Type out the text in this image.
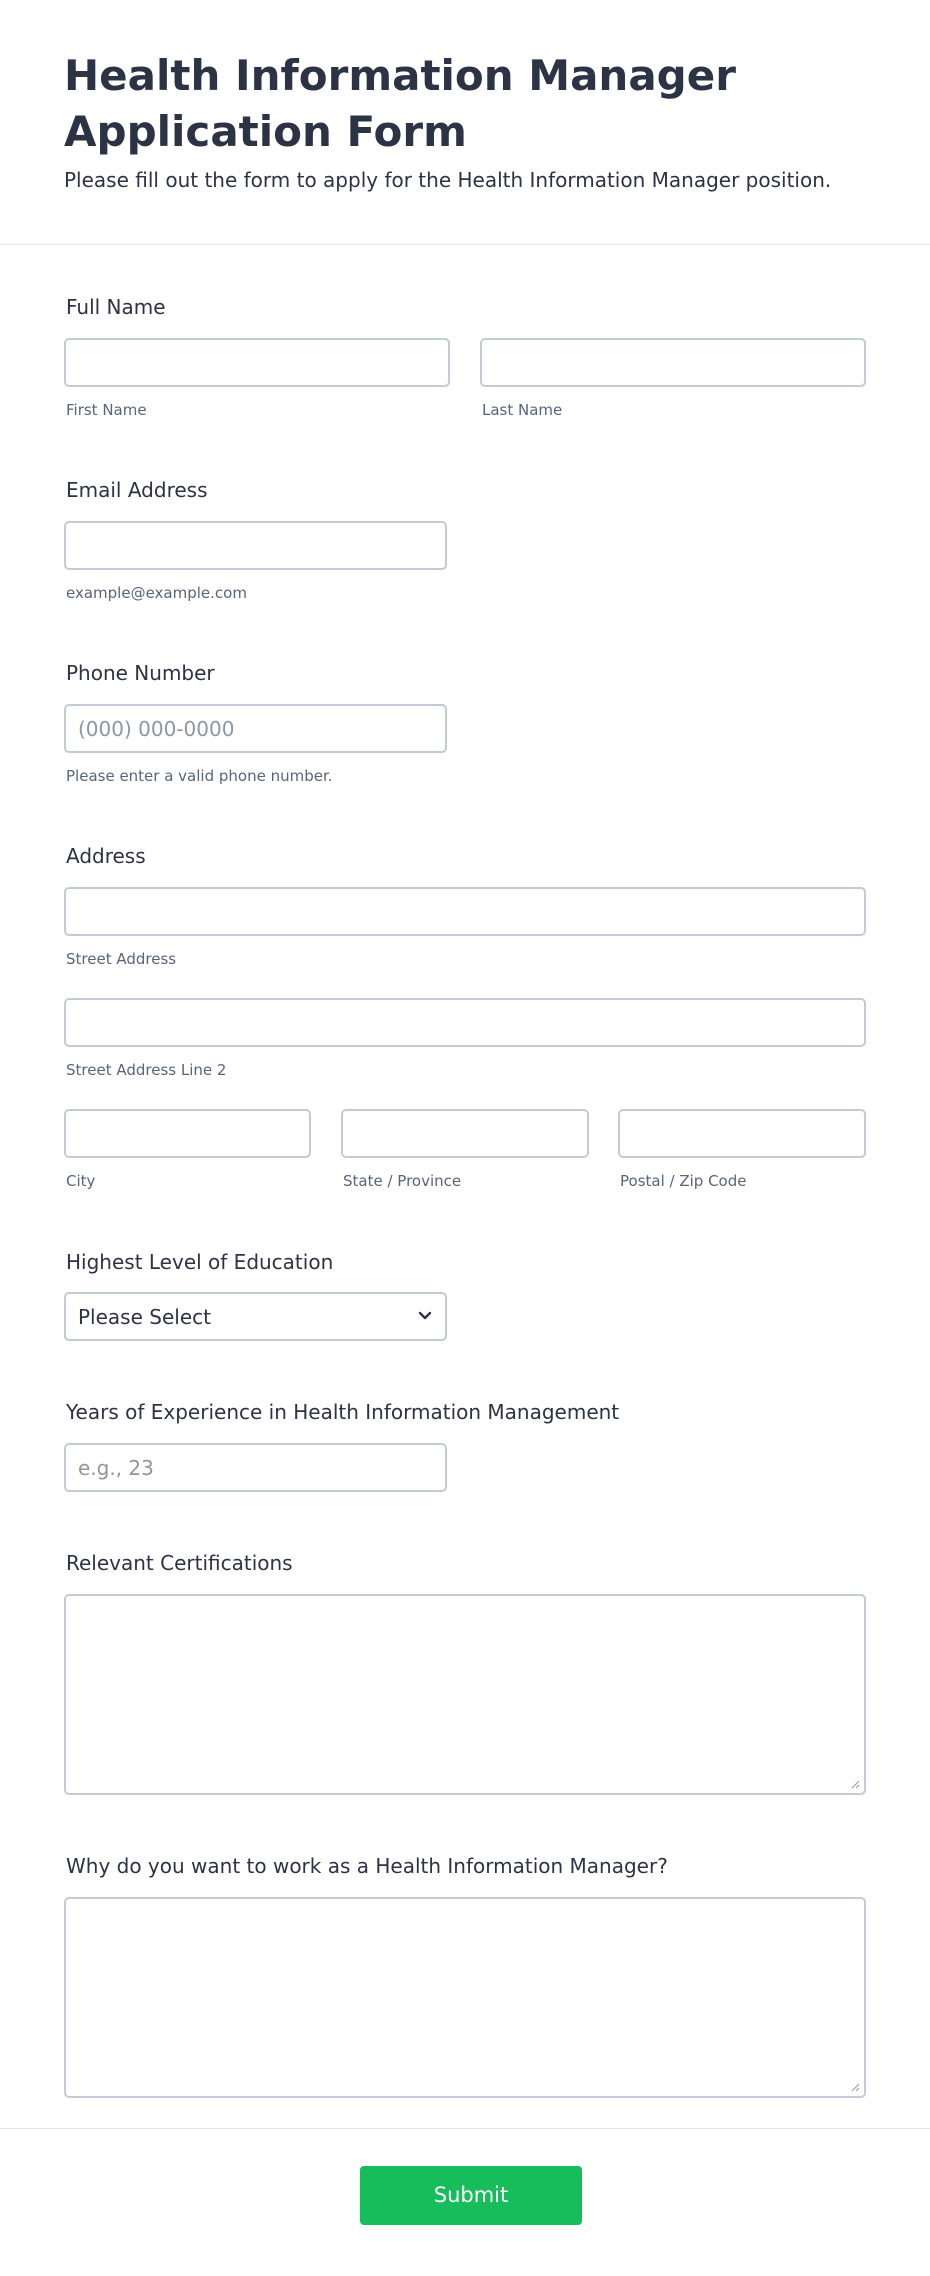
Health Information Manager Application Form
Please fill out the form to apply for the Health Information Manager position.
Full Name
First Name	Last Name
Email Address
example@example.com
Phone Number
(000) 000-0000
Please enter a valid phone number.
Address
Street Address
Street Address Line 2
City	State / Province	Postal / Zip Code
Highest Level of Education
Please Select
Years of Experience in Health Information Management
e.g., 23
Relevant Certifications
Why do you want to work as a Health Information Manager?
Submit
